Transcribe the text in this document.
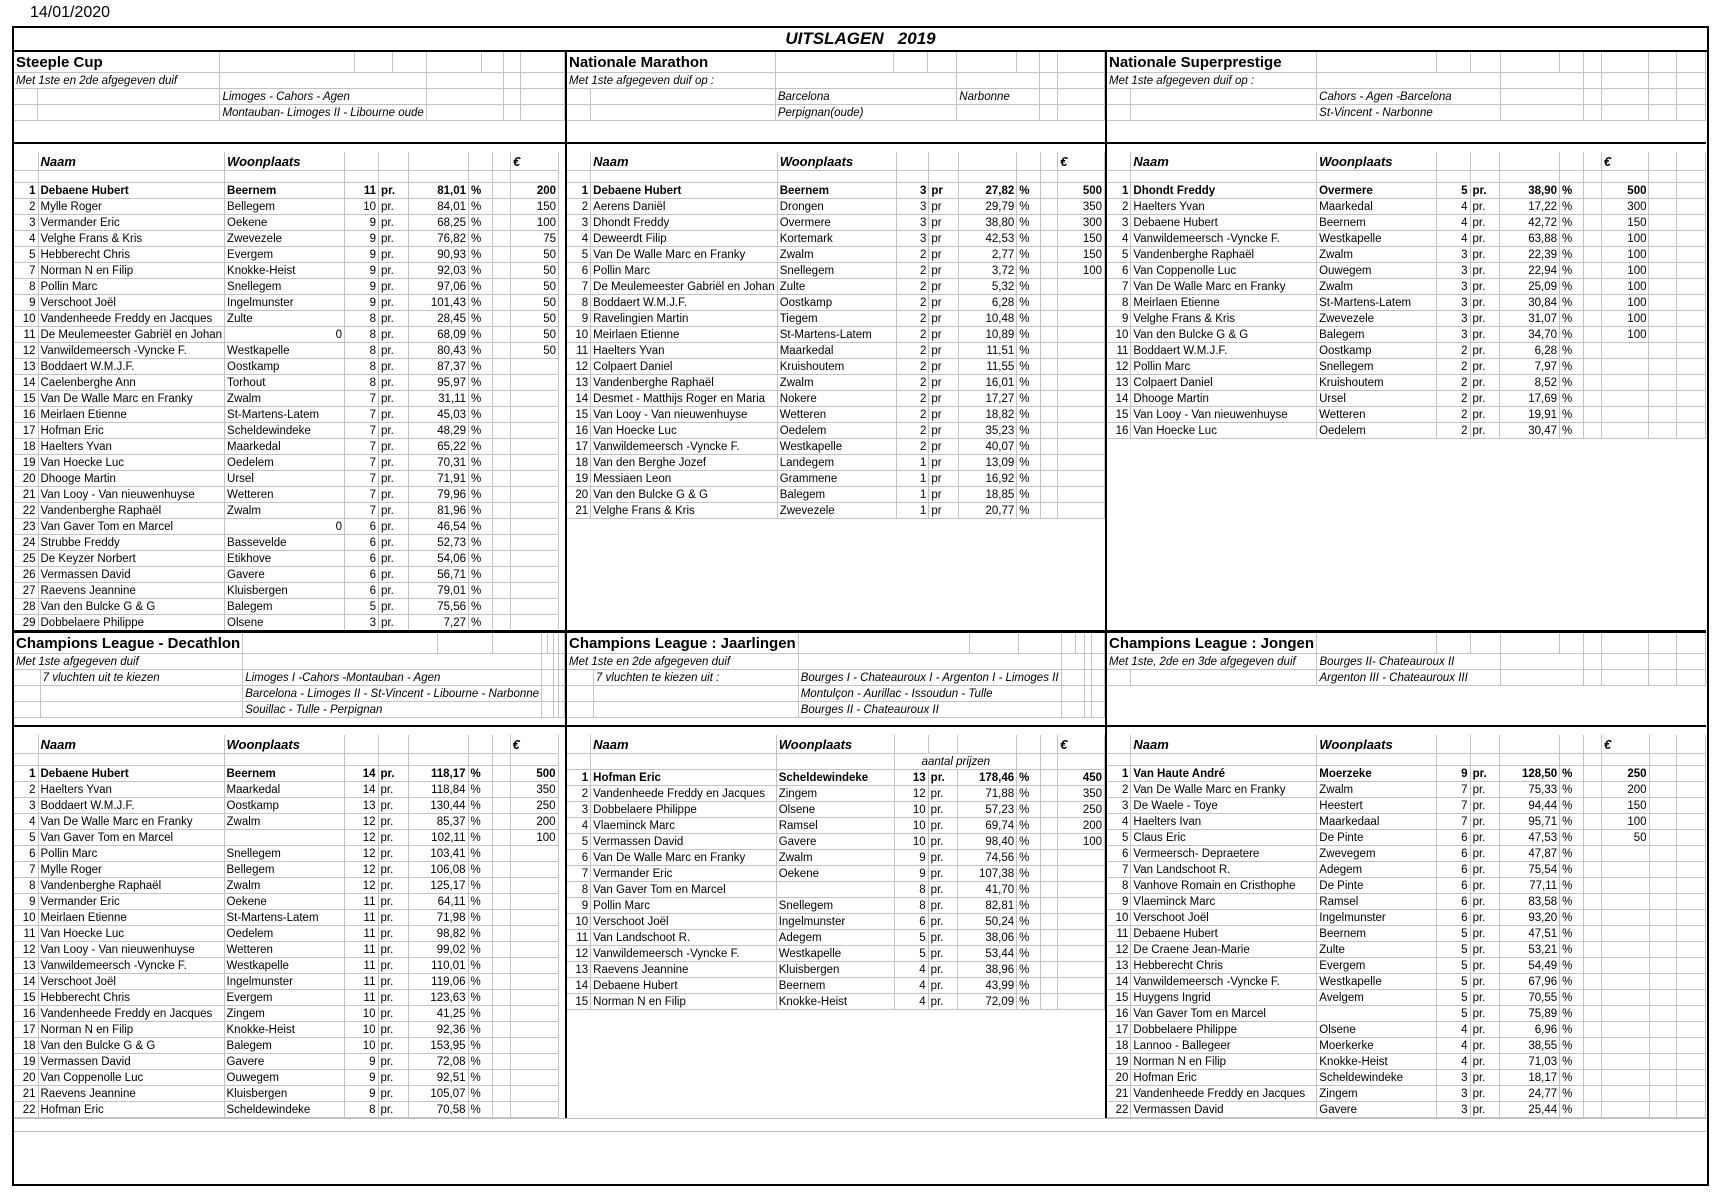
14/01/2020
UITSLAGEN   2019
Steeple Cup								
Met 1ste en 2de afgegeven duif								
		Limoges - Cahors - Agen						
		Montauban- Limoges II - Libourne oude						
	Naam	Woonplaats						€

1	Debaene Hubert	Beernem	11	pr.	81,01	%		200
2	Mylle Roger	Bellegem	10	pr.	84,01	%		150
3	Vermander Eric	Oekene	9	pr.	68,25	%		100
4	Velghe Frans & Kris	Zwevezele	9	pr.	76,82	%		75
5	Hebberecht Chris	Evergem	9	pr.	90,93	%		50
7	Norman N en Filip	Knokke-Heist	9	pr.	92,03	%		50
8	Pollin Marc	Snellegem	9	pr.	97,06	%		50
9	Verschoot Joël	Ingelmunster	9	pr.	101,43	%		50
10	Vandenheede Freddy en Jacques	Zulte	8	pr.	28,45	%		50
11	De Meulemeester Gabriël en Johan	0	8	pr.	68,09	%		50
12	Vanwildemeersch -Vyncke F.	Westkapelle	8	pr.	80,43	%		50
13	Boddaert W.M.J.F.	Oostkamp	8	pr.	87,37	%		
14	Caelenberghe Ann	Torhout	8	pr.	95,97	%		
15	Van De Walle Marc en Franky	Zwalm	7	pr.	31,11	%		
16	Meirlaen Etienne	St-Martens-Latem	7	pr.	45,03	%		
17	Hofman Eric	Scheldewindeke	7	pr.	48,29	%		
18	Haelters Yvan	Maarkedal	7	pr.	65,22	%		
19	Van Hoecke Luc	Oedelem	7	pr.	70,31	%		
20	Dhooge Martin	Ursel	7	pr.	71,91	%		
21	Van Looy - Van nieuwenhuyse	Wetteren	7	pr.	79,96	%		
22	Vandenberghe Raphaël	Zwalm	7	pr.	81,96	%		
23	Van Gaver Tom en Marcel	0	6	pr.	46,54	%		
24	Strubbe Freddy	Bassevelde	6	pr.	52,73	%		
25	De Keyzer Norbert	Etikhove	6	pr.	54,06	%		
26	Vermassen David	Gavere	6	pr.	56,71	%		
27	Raevens Jeannine	Kluisbergen	6	pr.	79,01	%		
28	Van den Bulcke G & G	Balegem	5	pr.	75,56	%		
29	Dobbelaere Philippe	Olsene	3	pr.	7,27	%		
Nationale Marathon								
Met 1ste afgegeven duif op :								
		Barcelona			Narbonne			
		Perpignan(oude)						
	Naam	Woonplaats						€

1	Debaene Hubert	Beernem	3	pr	27,82	%		500
2	Aerens Daniël	Drongen	3	pr	29,79	%		350
3	Dhondt Freddy	Overmere	3	pr	38,80	%		300
4	Deweerdt Filip	Kortemark	3	pr	42,53	%		150
5	Van De Walle Marc en Franky	Zwalm	2	pr	2,77	%		150
6	Pollin Marc	Snellegem	2	pr	3,72	%		100
7	De Meulemeester Gabriël en Johan	Zulte	2	pr	5,32	%		
8	Boddaert W.M.J.F.	Oostkamp	2	pr	6,28	%		
9	Ravelingien Martin	Tiegem	2	pr	10,48	%		
10	Meirlaen Etienne	St-Martens-Latem	2	pr	10,89	%		
11	Haelters Yvan	Maarkedal	2	pr	11,51	%		
12	Colpaert Daniel	Kruishoutem	2	pr	11,55	%		
13	Vandenberghe Raphaël	Zwalm	2	pr	16,01	%		
14	Desmet - Matthijs Roger en Maria	Nokere	2	pr	17,27	%		
15	Van Looy - Van nieuwenhuyse	Wetteren	2	pr	18,82	%		
16	Van Hoecke Luc	Oedelem	2	pr	35,23	%		
17	Vanwildemeersch -Vyncke F.	Westkapelle	2	pr	40,07	%		
18	Van den Berghe Jozef	Landegem	1	pr	13,09	%		
19	Messiaen Leon	Grammene	1	pr	16,92	%		
20	Van den Bulcke G & G	Balegem	1	pr	18,85	%		
21	Velghe Frans & Kris	Zwevezele	1	pr	20,77	%		
Nationale Superprestige										
Met 1ste afgegeven duif op :										
		Cahors - Agen -Barcelona								
		St-Vincent - Narbonne								
	Naam	Woonplaats						€		

1	Dhondt Freddy	Overmere	5	pr.	38,90	%		500		
2	Haelters Yvan	Maarkedal	4	pr.	17,22	%		300		
3	Debaene Hubert	Beernem	4	pr.	42,72	%		150		
4	Vanwildemeersch -Vyncke F.	Westkapelle	4	pr.	63,88	%		100		
5	Vandenberghe Raphaël	Zwalm	3	pr.	22,39	%		100		
6	Van Coppenolle Luc	Ouwegem	3	pr.	22,94	%		100		
7	Van De Walle Marc en Franky	Zwalm	3	pr.	25,09	%		100		
8	Meirlaen Etienne	St-Martens-Latem	3	pr.	30,84	%		100		
9	Velghe Frans & Kris	Zwevezele	3	pr.	31,07	%		100		
10	Van den Bulcke G & G	Balegem	3	pr.	34,70	%		100		
11	Boddaert W.M.J.F.	Oostkamp	2	pr.	6,28	%				
12	Pollin Marc	Snellegem	2	pr.	7,97	%				
13	Colpaert Daniel	Kruishoutem	2	pr.	8,52	%				
14	Dhooge Martin	Ursel	2	pr.	17,69	%				
15	Van Looy - Van nieuwenhuyse	Wetteren	2	pr.	19,91	%				
16	Van Hoecke Luc	Oedelem	2	pr.	30,47	%				
Champions League - Decathlon								
Met 1ste afgegeven duif								
	7 vluchten uit te kiezen	Limoges I -Cahors -Montauban - Agen						
		Barcelona - Limoges II - St-Vincent - Libourne - Narbonne						
		Souillac - Tulle - Perpignan						
	Naam	Woonplaats						€

1	Debaene Hubert	Beernem	14	pr.	118,17	%		500
2	Haelters Yvan	Maarkedal	14	pr.	118,84	%		350
3	Boddaert W.M.J.F.	Oostkamp	13	pr.	130,44	%		250
4	Van De Walle Marc en Franky	Zwalm	12	pr.	85,37	%		200
5	Van Gaver Tom en Marcel		12	pr.	102,11	%		100
6	Pollin Marc	Snellegem	12	pr.	103,41	%		
7	Mylle Roger	Bellegem	12	pr.	106,08	%		
8	Vandenberghe Raphaël	Zwalm	12	pr.	125,17	%		
9	Vermander Eric	Oekene	11	pr.	64,11	%		
10	Meirlaen Etienne	St-Martens-Latem	11	pr.	71,98	%		
11	Van Hoecke Luc	Oedelem	11	pr.	98,82	%		
12	Van Looy - Van nieuwenhuyse	Wetteren	11	pr.	99,02	%		
13	Vanwildemeersch -Vyncke F.	Westkapelle	11	pr.	110,01	%		
14	Verschoot Joël	Ingelmunster	11	pr.	119,06	%		
15	Hebberecht Chris	Evergem	11	pr.	123,63	%		
16	Vandenheede Freddy en Jacques	Zingem	10	pr.	41,25	%		
17	Norman N en Filip	Knokke-Heist	10	pr.	92,36	%		
18	Van den Bulcke G & G	Balegem	10	pr.	153,95	%		
19	Vermassen David	Gavere	9	pr.	72,08	%		
20	Van Coppenolle Luc	Ouwegem	9	pr.	92,51	%		
21	Raevens Jeannine	Kluisbergen	9	pr.	105,07	%		
22	Hofman Eric	Scheldewindeke	8	pr.	70,58	%		
Champions League : Jaarlingen								
Met 1ste en 2de afgegeven duif								
	7 vluchten te kiezen uit :	Bourges I - Chateauroux I - Argenton I - Limoges II						
		Montulçon - Aurillac - Issoudun - Tulle						
		Bourges II - Chateauroux II						
	Naam	Woonplaats						€
			aantal prijzen					
1	Hofman Eric	Scheldewindeke	13	pr.	178,46	%		450
2	Vandenheede Freddy en Jacques	Zingem	12	pr.	71,88	%		350
3	Dobbelaere Philippe	Olsene	10	pr.	57,23	%		250
4	Vlaeminck Marc	Ramsel	10	pr.	69,74	%		200
5	Vermassen David	Gavere	10	pr.	98,40	%		100
6	Van De Walle Marc en Franky	Zwalm	9	pr.	74,56	%		
7	Vermander Eric	Oekene	9	pr.	107,38	%		
8	Van Gaver Tom en Marcel		8	pr.	41,70	%		
9	Pollin Marc	Snellegem	8	pr.	82,81	%		
10	Verschoot Joël	Ingelmunster	6	pr.	50,24	%		
11	Van Landschoot R.	Adegem	5	pr.	38,06	%		
12	Vanwildemeersch -Vyncke F.	Westkapelle	5	pr.	53,44	%		
13	Raevens Jeannine	Kluisbergen	4	pr.	38,96	%		
14	Debaene Hubert	Beernem	4	pr.	43,99	%		
15	Norman N en Filip	Knokke-Heist	4	pr.	72,09	%		
Champions League : Jongen										
Met 1ste, 2de en 3de afgegeven duif		Bourges II- Chateauroux II								
		Argenton III - Chateauroux III								
	Naam	Woonplaats						€		

1	Van Haute André	Moerzeke	9	pr.	128,50	%		250		
2	Van De Walle Marc en Franky	Zwalm	7	pr.	75,33	%		200		
3	De Waele - Toye	Heestert	7	pr.	94,44	%		150		
4	Haelters Ivan	Maarkedaal	7	pr.	95,71	%		100		
5	Claus Eric	De Pinte	6	pr.	47,53	%		50		
6	Vermeersch- Depraetere	Zwevegem	6	pr.	47,87	%				
7	Van Landschoot R.	Adegem	6	pr.	75,54	%				
8	Vanhove Romain en Cristhophe	De Pinte	6	pr.	77,11	%				
9	Vlaeminck Marc	Ramsel	6	pr.	83,58	%				
10	Verschoot Joël	Ingelmunster	6	pr.	93,20	%				
11	Debaene Hubert	Beernem	5	pr.	47,51	%				
12	De Craene Jean-Marie	Zulte	5	pr.	53,21	%				
13	Hebberecht Chris	Evergem	5	pr.	54,49	%				
14	Vanwildemeersch -Vyncke F.	Westkapelle	5	pr.	67,96	%				
15	Huygens Ingrid	Avelgem	5	pr.	70,55	%				
16	Van Gaver Tom en Marcel		5	pr.	75,89	%				
17	Dobbelaere Philippe	Olsene	4	pr.	6,96	%				
18	Lannoo - Ballegeer	Moerkerke	4	pr.	38,55	%				
19	Norman N en Filip	Knokke-Heist	4	pr.	71,03	%				
20	Hofman Eric	Scheldewindeke	3	pr.	18,17	%				
21	Vandenheede Freddy en Jacques	Zingem	3	pr.	24,77	%				
22	Vermassen David	Gavere	3	pr.	25,44	%				
